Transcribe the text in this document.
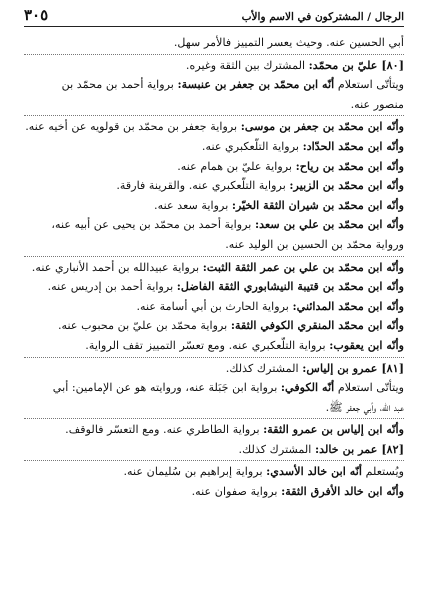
الرجال / المشتركون في الاسم والأب
٣٠٥

أبي الحسين عنه. وحيث يعسر التمييز فالأمر سهل.

[٨٠] عليّ بن محمّد: المشترك بين الثقة وغيره.

ويتأتّى استعلام أنّه ابن محمّد بن جعفر بن عنبسة: برواية أحمد بن محمّد بن

منصور عنه.

وأنّه ابن محمّد بن جعفر بن موسى: برواية جعفر بن محمّد بن قولويه عن أخيه عنه.

وأنّه ابن محمّد الحدّاد: برواية التلّعكبري عنه.

وأنّه ابن محمّد بن رياح: برواية عليّ بن همام عنه.

وأنّه ابن محمّد بن الزبير: برواية التلّعكبري عنه. والقرينة فارقة.

وأنّه ابن محمّد بن شيران الثقة الخيّر: برواية سعد عنه.

وأنّه ابن محمّد بن علي بن سعد: برواية أحمد بن محمّد بن يحيى عن أبيه عنه،

ورواية محمّد بن الحسين بن الوليد عنه.

وأنّه ابن محمّد بن علي بن عمر الثقة الثبت: برواية عبيدالله بن أحمد الأنباري عنه.

وأنّه ابن محمّد بن قتيبة النيشابوري الثقة الفاضل: برواية أحمد بن إدريس عنه.

وأنّه ابن محمّد المدائني: برواية الحارث بن أبي أسامة عنه.

وأنّه ابن محمّد المنقري الكوفي الثقة: برواية محمّد بن عليّ بن محبوب عنه.

وأنّه ابن يعقوب: برواية التلّعكبري عنه. ومع تعسّر التمييز تقف الرواية.

[٨١] عمرو بن إلياس: المشترك كذلك.

ويتأتّى استعلام أنّه الكوفي: برواية ابن جَبَلة عنه، وروايته هو عن الإمامين: أبي

عبد الله، وأبي جعفر ﷺ.

وأنّه ابن إلياس بن عمرو الثقة: برواية الطاطري عنه. ومع التعسّر فالوقف.

[٨٢] عمر بن خالد: المشترك كذلك.

ويُستعلم أنّه ابن خالد الأسدي: برواية إبراهيم بن سُليمان عنه.

وأنّه ابن خالد الأفرق الثقة: برواية صفوان عنه.
